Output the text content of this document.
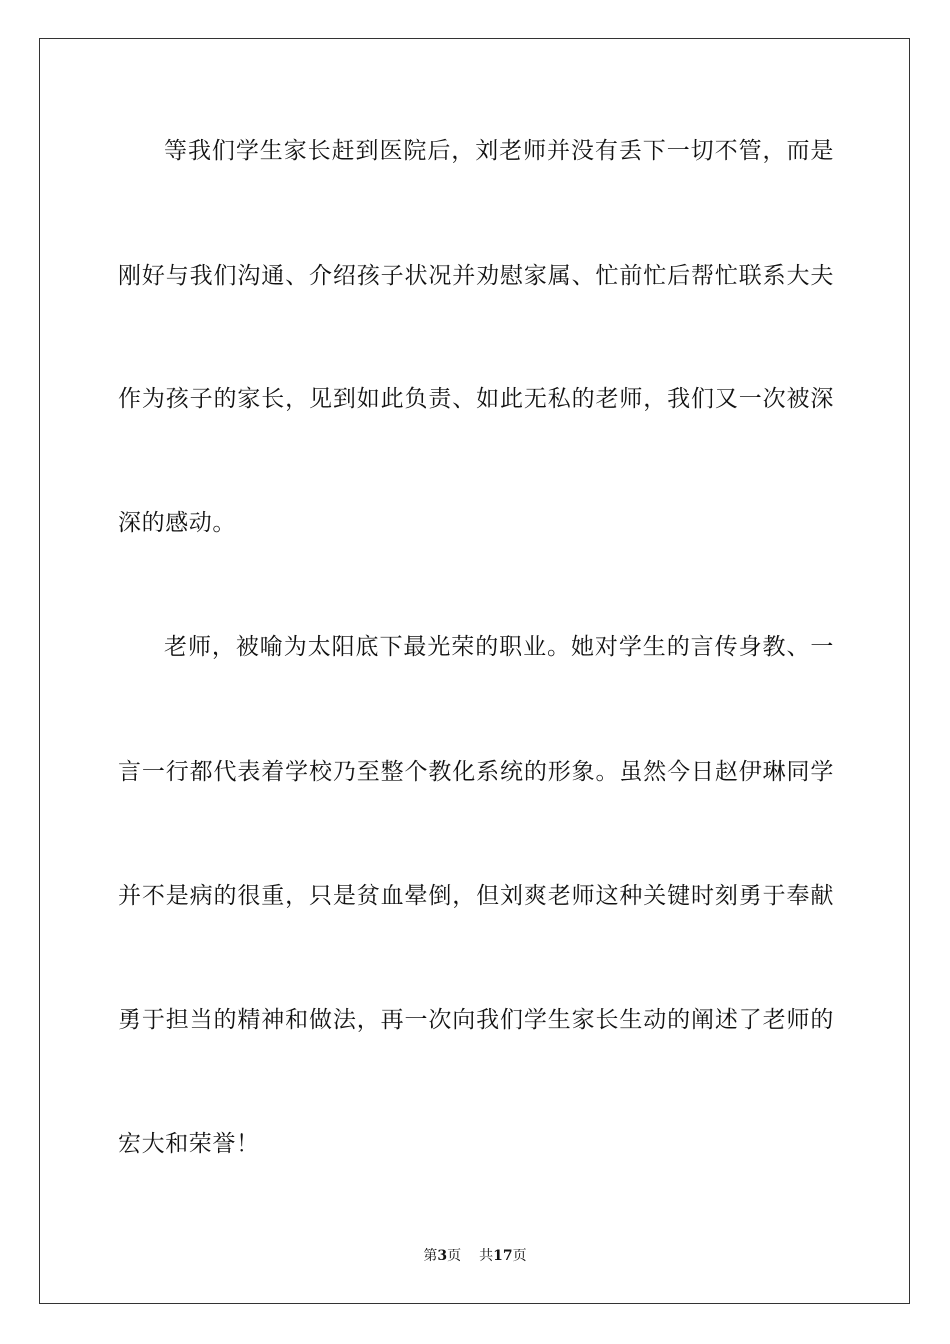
等我们学生家长赶到医院后，刘老师并没有丢下一切不管，而是
刚好与我们沟通、介绍孩子状况并劝慰家属、忙前忙后帮忙联系大夫
作为孩子的家长，见到如此负责、如此无私的老师，我们又一次被深
深的感动。
老师，被喻为太阳底下最光荣的职业。她对学生的言传身教、一
言一行都代表着学校乃至整个教化系统的形象。虽然今日赵伊琳同学
并不是病的很重，只是贫血晕倒，但刘爽老师这种关键时刻勇于奉献
勇于担当的精神和做法，再一次向我们学生家长生动的阐述了老师的
宏大和荣誉！
第3页 共17页
